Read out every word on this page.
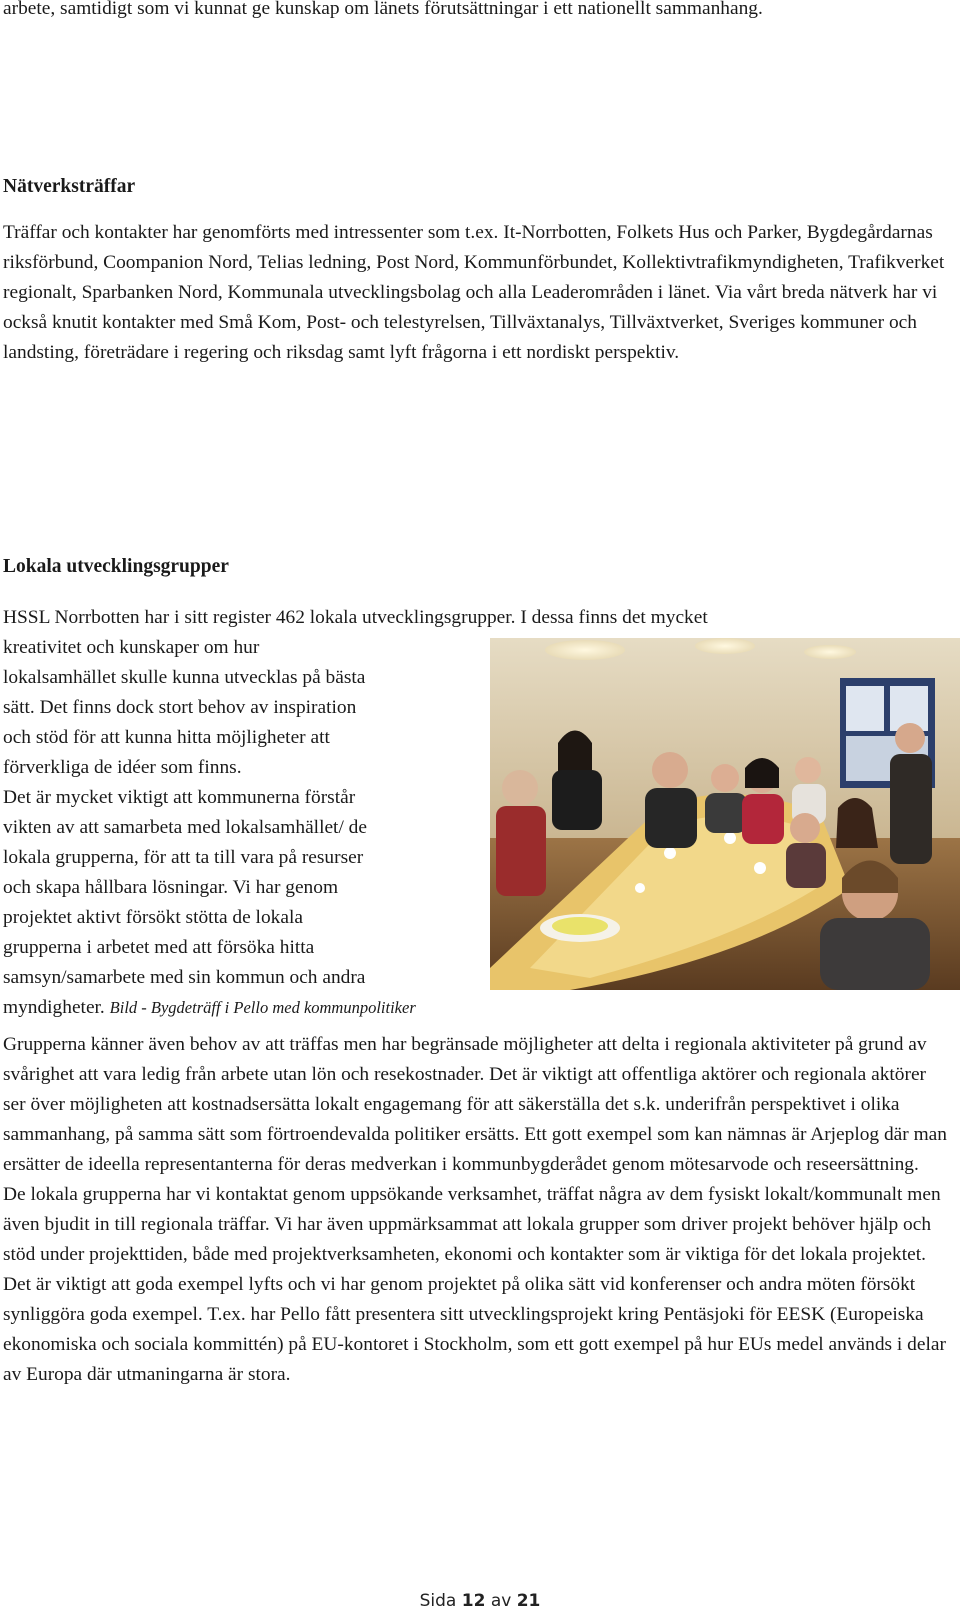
arbete, samtidigt som vi kunnat ge kunskap om länets förutsättningar i ett nationellt sammanhang.

Nätverksträffar

Träffar och kontakter har genomförts med intressenter som t.ex. It-Norrbotten, Folkets Hus och Parker, Bygdegårdarnas riksförbund, Coompanion Nord, Telias ledning, Post Nord, Kommunförbundet, Kollektivtrafikmyndigheten, Trafikverket regionalt, Sparbanken Nord, Kommunala utvecklingsbolag och alla Leaderområden i länet. Via vårt breda nätverk har vi också knutit kontakter med Små Kom, Post- och telestyrelsen, Tillväxtanalys, Tillväxtverket, Sveriges kommuner och landsting, företrädare i regering och riksdag samt lyft frågorna i ett nordiskt perspektiv.

Lokala utvecklingsgrupper

HSSL Norrbotten har i sitt register 462 lokala utvecklingsgrupper. I dessa finns det mycket

kreativitet och kunskaper om hur
lokalsamhället skulle kunna utvecklas på bästa
sätt. Det finns dock stort behov av inspiration
och stöd för att kunna hitta möjligheter att
förverkliga de idéer som finns.
Det är mycket viktigt att kommunerna förstår
vikten av att samarbeta med lokalsamhället/ de
lokala grupperna, för att ta till vara på resurser
och skapa hållbara lösningar. Vi har genom
projektet aktivt försökt stötta de lokala
grupperna i arbetet med att försöka hitta
samsyn/samarbete med sin kommun och andra
myndigheter. Bild - Bygdeträff i Pello med kommunpolitiker

Grupperna känner även behov av att träffas men har begränsade möjligheter att delta i regionala aktiviteter på grund av svårighet att vara ledig från arbete utan lön och resekostnader. Det är viktigt att offentliga aktörer och regionala aktörer ser över möjligheten att kostnadsersätta lokalt engagemang för att säkerställa det s.k. underifrån perspektivet i olika sammanhang, på samma sätt som förtroendevalda politiker ersätts. Ett gott exempel som kan nämnas är Arjeplog där man ersätter de ideella representanterna för deras medverkan i kommunbygderådet genom mötesarvode och reseersättning.

De lokala grupperna har vi kontaktat genom uppsökande verksamhet, träffat några av dem fysiskt lokalt/kommunalt men även bjudit in till regionala träffar. Vi har även uppmärksammat att lokala grupper som driver projekt behöver hjälp och stöd under projekttiden, både med projektverksamheten, ekonomi och kontakter som är viktiga för det lokala projektet.

Det är viktigt att goda exempel lyfts och vi har genom projektet på olika sätt vid konferenser och andra möten försökt synliggöra goda exempel. T.ex. har Pello fått presentera sitt utvecklingsprojekt kring Pentäsjoki för EESK (Europeiska ekonomiska och sociala kommittén) på EU-kontoret i Stockholm, som ett gott exempel på hur EUs medel används i delar av Europa där utmaningarna är stora.

Sida 12 av 21
